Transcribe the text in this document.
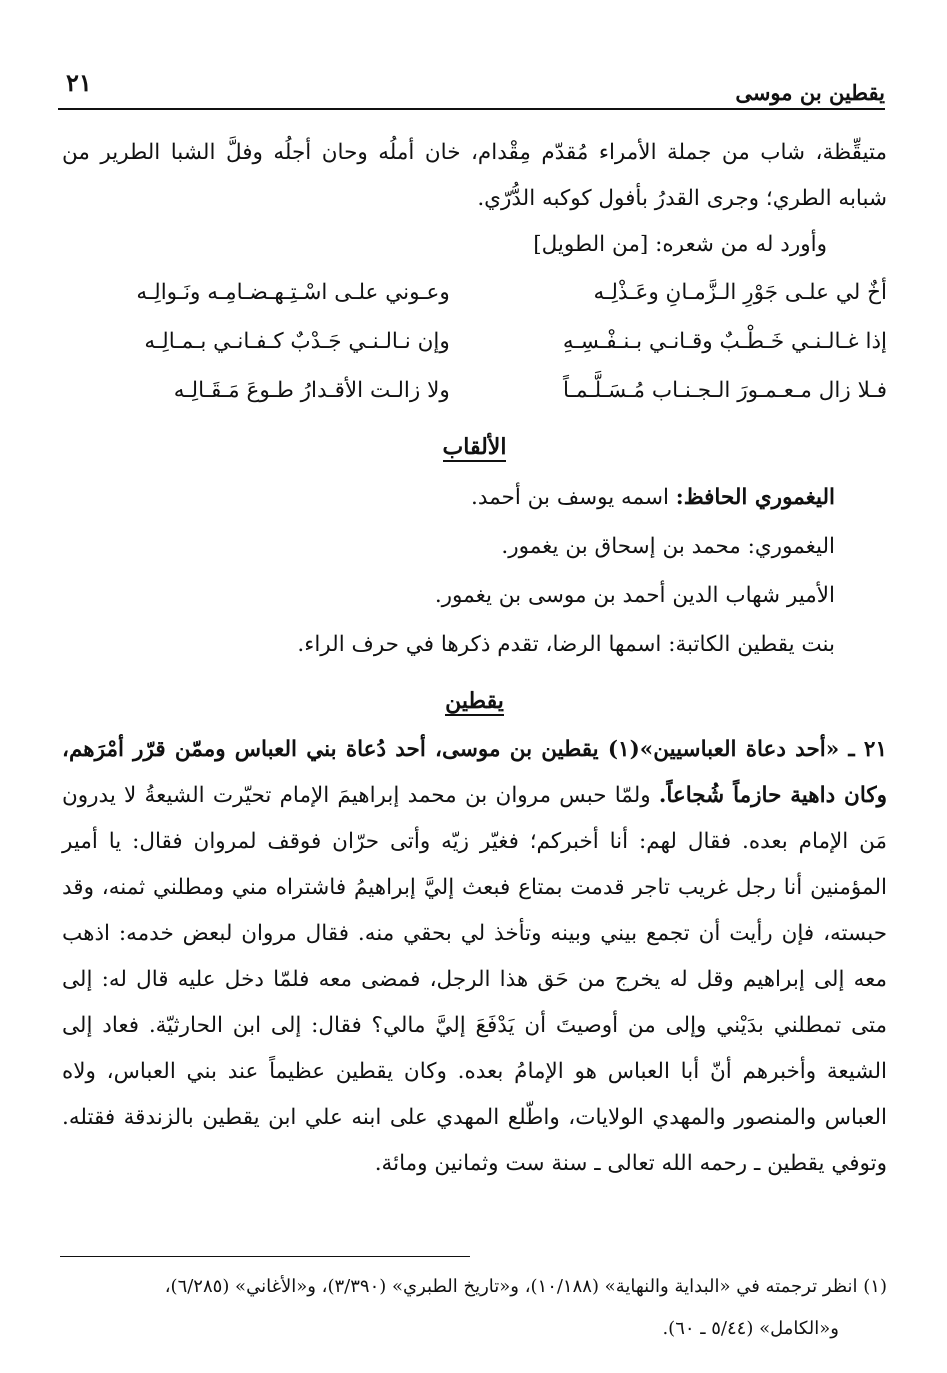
يقطين بن موسى
٢١

متيقِّظة، شاب من جملة الأمراء مُقدّم مِقْدام، خان أملُه وحان أجلُه وفلَّ الشبا الطرير من شبابه الطري؛ وجرى القدرُ بأفول كوكبه الدُّرّي.

وأورد له من شعره: [من الطويل]

أخٌ لي علـى جَوْرِ الـزَّمـانِ وعَـذْلِـه
وعـوني علـى اسْـتِـهـضـامِـه ونَـوالِـه
إذا غـالـنـي خَـطْـبٌ وقـانـي بـنـفْـسِـهِ
وإن نـالـنـي جَـدْبٌ كـفـانـي بـمـالِـه
فـلا زال مـعـمـورَ الـجـنـاب مُـسَـلَّـمـاً
ولا زالـت الأقـدارُ طـوعَ مَـقَـالِـه
الألقاب

اليغموري الحافظ: اسمه يوسف بن أحمد.

اليغموري: محمد بن إسحاق بن يغمور.

الأمير شهاب الدين أحمد بن موسى بن يغمور.

بنت يقطين الكاتبة: اسمها الرضا، تقدم ذكرها في حرف الراء.

يقطين

٢١ ـ «أحد دعاة العباسيين»(١) يقطين بن موسى، أحد دُعاة بني العباس وممّن قرّر أمْرَهم، وكان داهية حازماً شُجاعاً. ولمّا حبس مروان بن محمد إبراهيمَ الإمام تحيّرت الشيعةُ لا يدرون مَن الإمام بعده. فقال لهم: أنا أخبركم؛ فغيّر زيّه وأتى حرّان فوقف لمروان فقال: يا أمير المؤمنين أنا رجل غريب تاجر قدمت بمتاع فبعث إليَّ إبراهيمُ فاشتراه مني ومطلني ثمنه، وقد حبسته، فإن رأيت أن تجمع بيني وبينه وتأخذ لي بحقي منه. فقال مروان لبعض خدمه: اذهب معه إلى إبراهيم وقل له يخرج من حَق هذا الرجل، فمضى معه فلمّا دخل عليه قال له: إلى متى تمطلني بدَيْني وإلى من أوصيتَ أن يَدْفَعَ إليَّ مالي؟ فقال: إلى ابن الحارثيّة. فعاد إلى الشيعة وأخبرهم أنّ أبا العباس هو الإمامُ بعده. وكان يقطين عظيماً عند بني العباس، ولاه العباس والمنصور والمهدي الولايات، واطّلع المهدي على ابنه علي ابن يقطين بالزندقة فقتله. وتوفي يقطين ـ رحمه الله تعالى ـ سنة ست وثمانين ومائة.

(١) انظر ترجمته في «البداية والنهاية» (١٠/١٨٨)، و«تاريخ الطبري» (٣/٣٩٠)، و«الأغاني» (٦/٢٨٥)،
و«الكامل» (٥/٤٤ ـ ٦٠).
